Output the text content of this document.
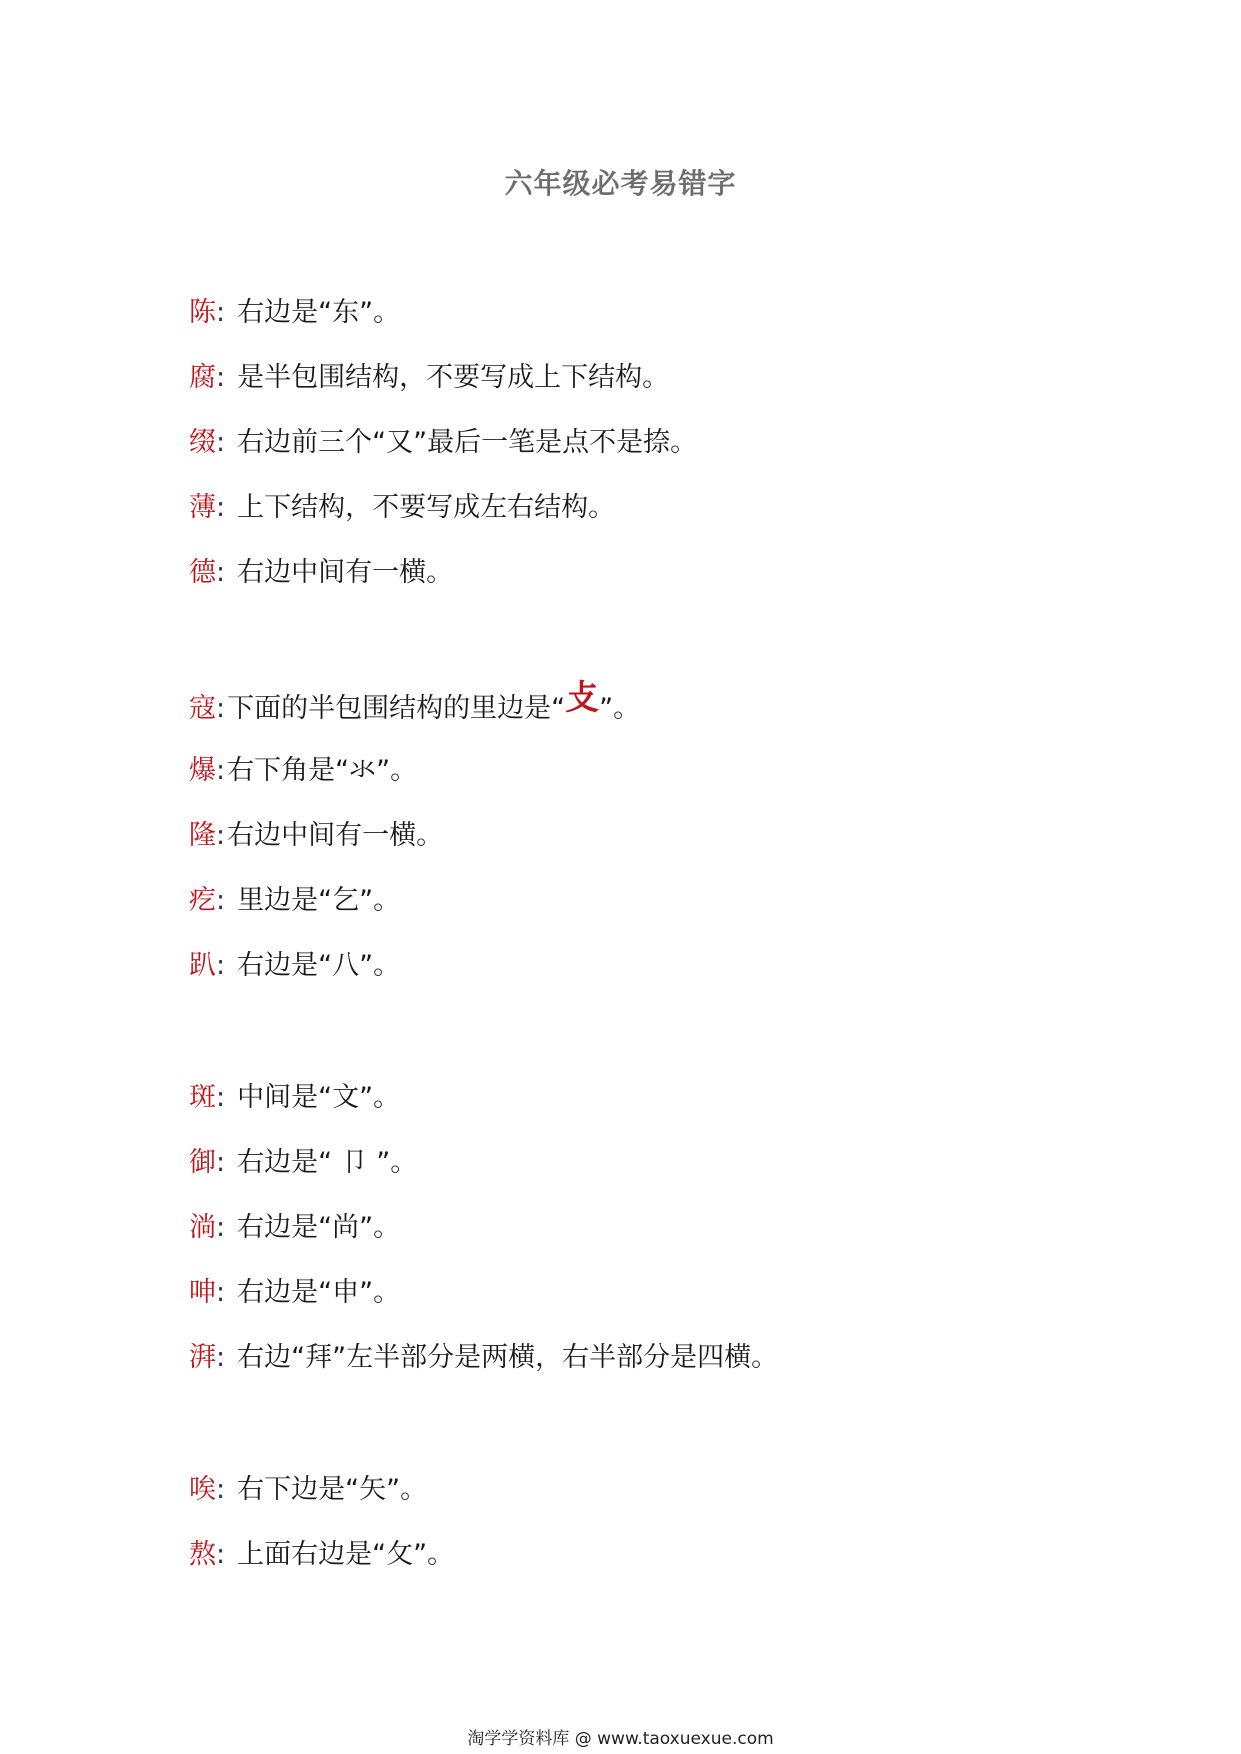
六年级必考易错字
陈: 右边是“东”。
腐: 是半包围结构，不要写成上下结构。
缀: 右边前三个“又”最后一笔是点不是捺。
薄: 上下结构，不要写成左右结构。
德: 右边中间有一横。
寇:下面的半包围结构的里边是“攴”。
爆:右下角是“氺”。
隆:右边中间有一横。
疙: 里边是“乞”。
趴: 右边是“八”。
斑: 中间是“文”。
御: 右边是“ 卩 ”。
淌: 右边是“尚”。
呻: 右边是“申”。
湃: 右边“拜”左半部分是两横，右半部分是四横。
唉: 右下边是“矢”。
熬: 上面右边是“攵”。
淘学学资料库 @ www.taoxuexue.com
